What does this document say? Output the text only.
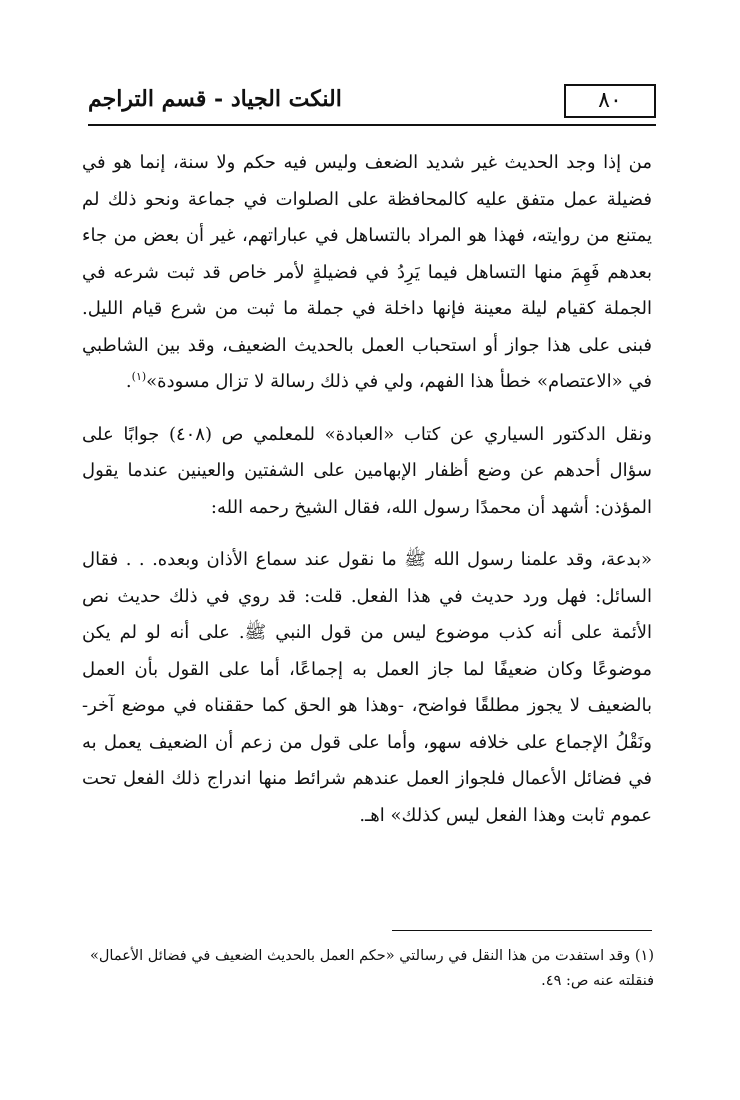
النكت الجياد - قسم التراجم	٨٠

من إذا وجد الحديث غير شديد الضعف وليس فيه حكم ولا سنة، إنما هو في فضيلة عمل متفق عليه كالمحافظة على الصلوات في جماعة ونحو ذلك لم يمتنع من روايته، فهذا هو المراد بالتساهل في عباراتهم، غير أن بعض من جاء بعدهم فَهِمَ منها التساهل فيما يَرِدُ في فضيلةٍ لأمر خاص قد ثبت شرعه في الجملة كقيام ليلة معينة فإنها داخلة في جملة ما ثبت من شرع قيام الليل. فبنى على هذا جواز أو استحباب العمل بالحديث الضعيف، وقد بين الشاطبي في «الاعتصام» خطأ هذا الفهم، ولي في ذلك رسالة لا تزال مسودة»$^{(١)}$.

ونقل الدكتور السياري عن كتاب «العبادة» للمعلمي ص (٤٠٨) جوابًا على سؤال أحدهم عن وضع أظفار الإبهامين على الشفتين والعينين عندما يقول المؤذن: أشهد أن محمدًا رسول الله، فقال الشيخ رحمه الله:

«بدعة، وقد علمنا رسول الله ﷺ ما نقول عند سماع الأذان وبعده. . . فقال السائل: فهل ورد حديث في هذا الفعل. قلت: قد روي في ذلك حديث نص الأئمة على أنه كذب موضوع ليس من قول النبي ﷺ. على أنه لو لم يكن موضوعًا وكان ضعيفًا لما جاز العمل به إجماعًا، أما على القول بأن العمل بالضعيف لا يجوز مطلقًا فواضح، -وهذا هو الحق كما حققناه في موضع آخر- ونَقْلُ الإجماع على خلافه سهو، وأما على قول من زعم أن الضعيف يعمل به في فضائل الأعمال فلجواز العمل عندهم شرائط منها اندراج ذلك الفعل تحت عموم ثابت وهذا الفعل ليس كذلك» اهـ.

(١) وقد استفدت من هذا النقل في رسالتي «حكم العمل بالحديث الضعيف في فضائل الأعمال»

فنقلته عنه ص: ٤٩.
